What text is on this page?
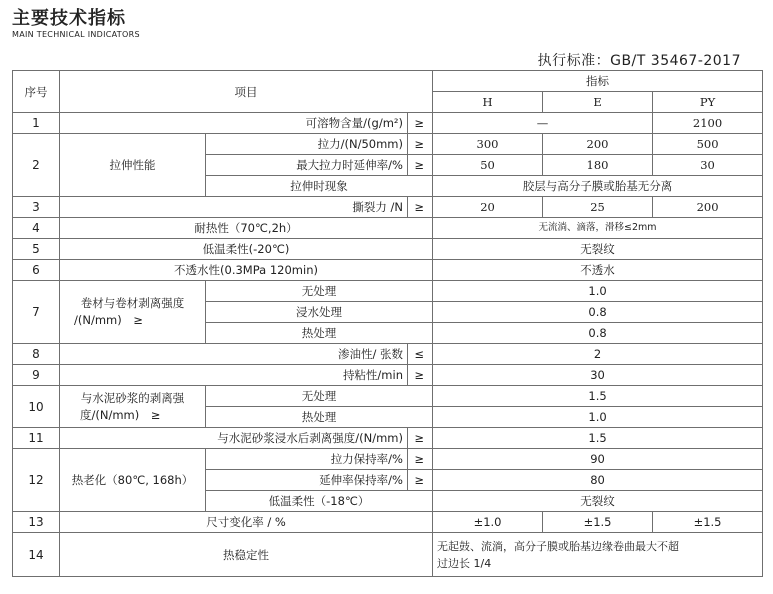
主要技术指标
MAIN TECHNICAL INDICATORS
执行标准：GB/T 35467-2017
序号	项目			指标		
				H	E	PY
1	可溶物含量/(g/m²)		≥	—		2100
2	拉伸性能	拉力/(N/50mm)	≥	300	200	500
		最大拉力时延伸率/%	≥	50	180	30
		拉伸时现象		胶层与高分子膜或胎基无分离		
3	撕裂力 /N		≥	20	25	200
4	耐热性（70℃,2h）			无流淌、滴落，滑移≤2mm		
5	低温柔性(-20℃)			无裂纹		
6	不透水性(0.3MPa 120min)			不透水		
7	卷材与卷材剥离强度
/(N/mm)　≥	无处理		1.0		
		浸水处理		0.8		
		热处理		0.8		
8	渗油性/ 张数		≤	2		
9	持粘性/min		≥	30		
10	与水泥砂浆的剥离强
度/(N/mm)　≥	无处理		1.5		
		热处理		1.0		
11	与水泥砂浆浸水后剥离强度/(N/mm)		≥	1.5		
12	热老化（80℃, 168h）	拉力保持率/%	≥	90		
		延伸率保持率/%	≥	80		
		低温柔性（-18℃）		无裂纹		
13	尺寸变化率 / %			±1.0	±1.5	±1.5
14	热稳定性			无起鼓、流淌，高分子膜或胎基边缘卷曲最大不超
过边长 1/4		
